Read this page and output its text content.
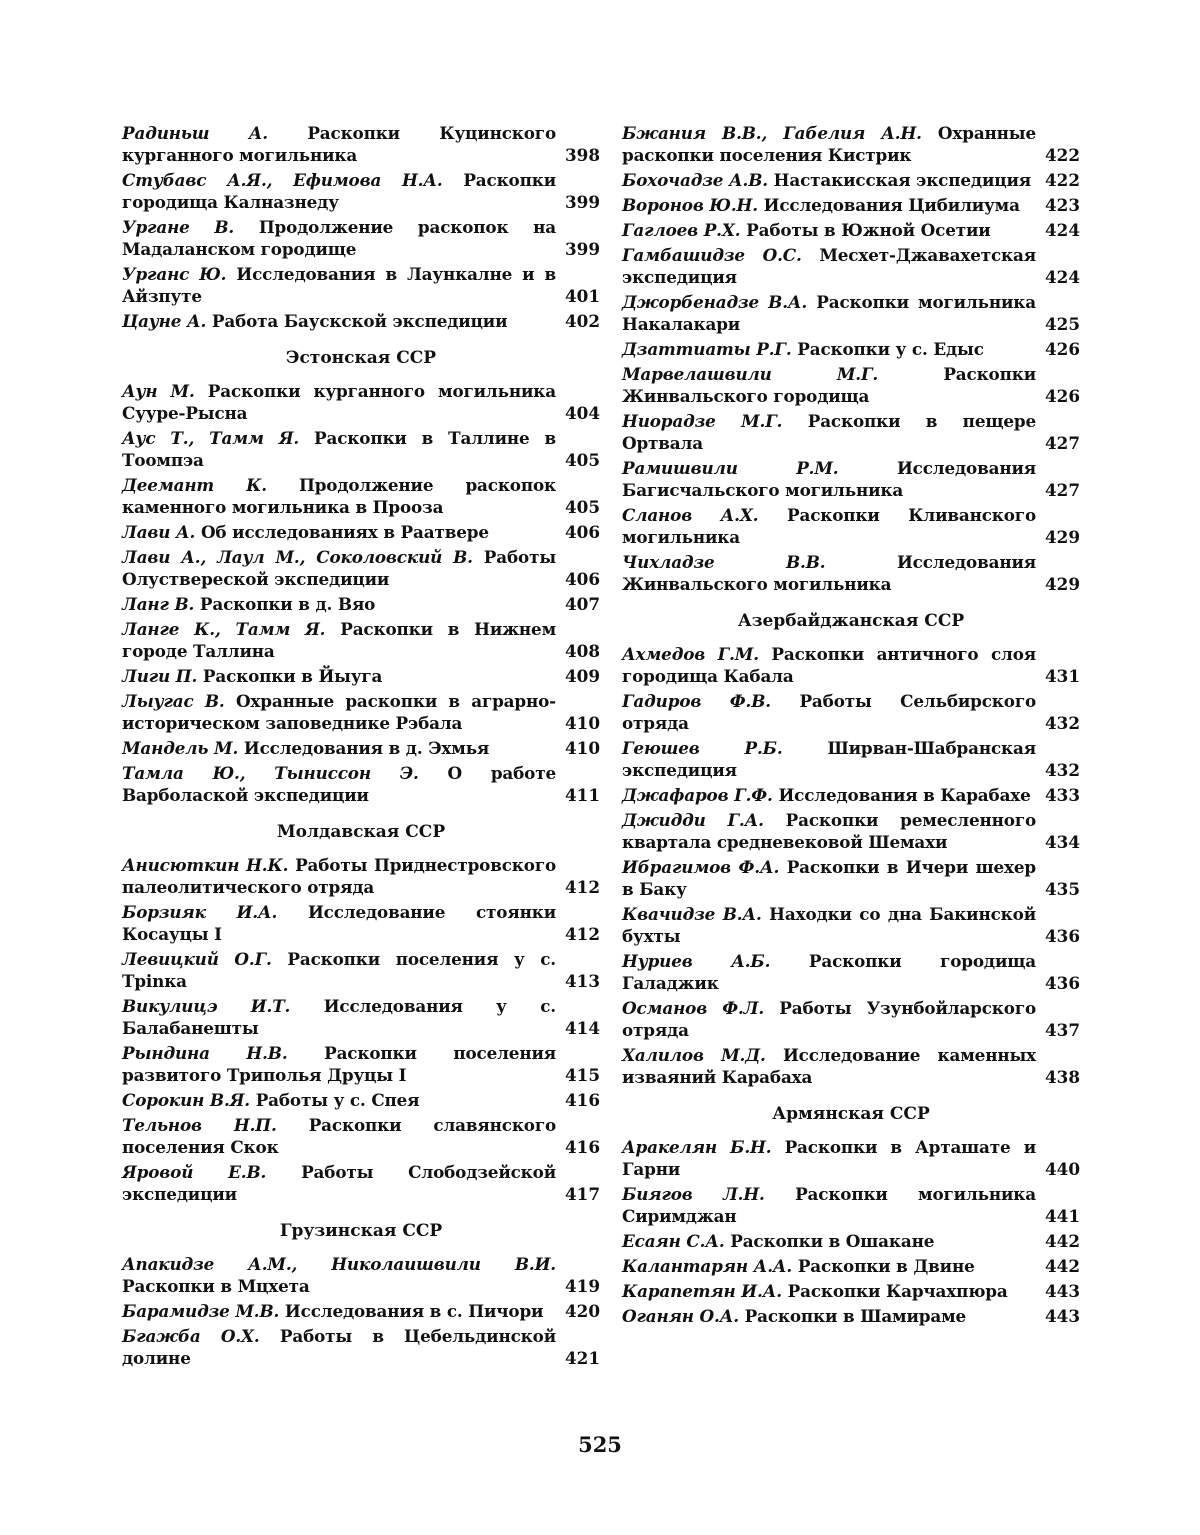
Радиньш А. Раскопки Куцинского курганного могильника	398
Стубавс А.Я., Ефимова Н.А. Раскопки городища Калназнеду	399
Ургане В. Продолжение раскопок на Мадаланском городище	399
Урганс Ю. Исследования в Лаункалне и в Айзпуте	401
Цауне А. Работа Баускской экспедиции	402
Эстонская ССР
Аун М. Раскопки курганного могильника Сууре-Рысна	404
Аус Т., Тамм Я. Раскопки в Таллине в Тоомпэа	405
Деемант К. Продолжение раскопок каменного могильника в Прооза	405
Лави А. Об исследованиях в Раатвере	406
Лави А., Лаул М., Соколовский В. Работы Олуствереской экспедиции	406
Ланг В. Раскопки в д. Вяо	407
Ланге К., Тамм Я. Раскопки в Нижнем городе Таллина	408
Лиги П. Раскопки в Йыуга	409
Лыугас В. Охранные раскопки в аграрно-историческом заповеднике Рэбала	410
Мандель М. Исследования в д. Эхмья	410
Тамла Ю., Тыниссон Э. О работе Варболаской экспедиции	411
Молдавская ССР
Анисюткин Н.К. Работы Приднестровского палеолитического отряда	412
Борзияк И.А. Исследование стоянки Косауцы I	412
Левицкий О.Г. Раскопки поселения у с. Трinка	413
Викулицэ И.Т. Исследования у с. Балабанешты	414
Рындина Н.В. Раскопки поселения развитого Триполья Друцы I	415
Сорокин В.Я. Работы у с. Спея	416
Тельнов Н.П. Раскопки славянского поселения Скок	416
Яровой Е.В. Работы Слободзейской экспедиции	417
Грузинская ССР
Апакидзе А.М., Николаишвили В.И. Раскопки в Мцхета	419
Барамидзе М.В. Исследования в с. Пичори	420
Бгажба О.Х. Работы в Цебельдинской долине	421
Бжания В.В., Габелия А.Н. Охранные раскопки поселения Кистрик	422
Бохочадзе А.В. Настакисская экспедиция 422
Воронов Ю.Н. Исследования Цибилиума	423
Гаглоев Р.Х. Работы в Южной Осетии	424
Гамбашидзе О.С. Месхет-Джавахетская экспедиция	424
Джорбенадзе В.А. Раскопки могильника Накалакари	425
Дзаттиаты Р.Г. Раскопки у с. Едыс	426
Марвелашвили М.Г.	Раскопки Жинвальского городища	426
Ниорадзе М.Г. Раскопки в пещере Ортвала	427
Рамишвили Р.М.	Исследования Багисчальского могильника	427
Сланов А.Х. Раскопки Кливанского могильника	429
Чихладзе В.В.	Исследования Жинвальского могильника	429
Азербайджанская ССР
Ахмедов Г.М. Раскопки античного слоя городища Кабала	431
Гадиров Ф.В. Работы Сельбирского отряда	432
Геюшев Р.Б.	Ширван-Шабранская экспедиция	432
Джафаров Г.Ф. Исследования в Карабахе 433
Джидди Г.А. Раскопки ремесленного квартала средневековой Шемахи	434
Ибрагимов Ф.А. Раскопки в Ичери шехер в Баку	435
Квачидзе В.А. Находки со дна Бакинской бухты	436
Нуриев А.Б. Раскопки городища Галаджик	436
Османов Ф.Л. Работы Узунбойларского отряда	437
Халилов М.Д. Исследование каменных изваяний Карабаха	438
Армянская ССР
Аракелян Б.Н. Раскопки в Арташате и Гарни	440
Биягов Л.Н. Раскопки могильника Сиримджан	441
Есаян С.А. Раскопки в Ошакане	442
Калантарян А.А. Раскопки в Двине	442
Карапетян И.А. Раскопки Карчахпюра	443
Оганян О.А. Раскопки в Шамираме	443
525
